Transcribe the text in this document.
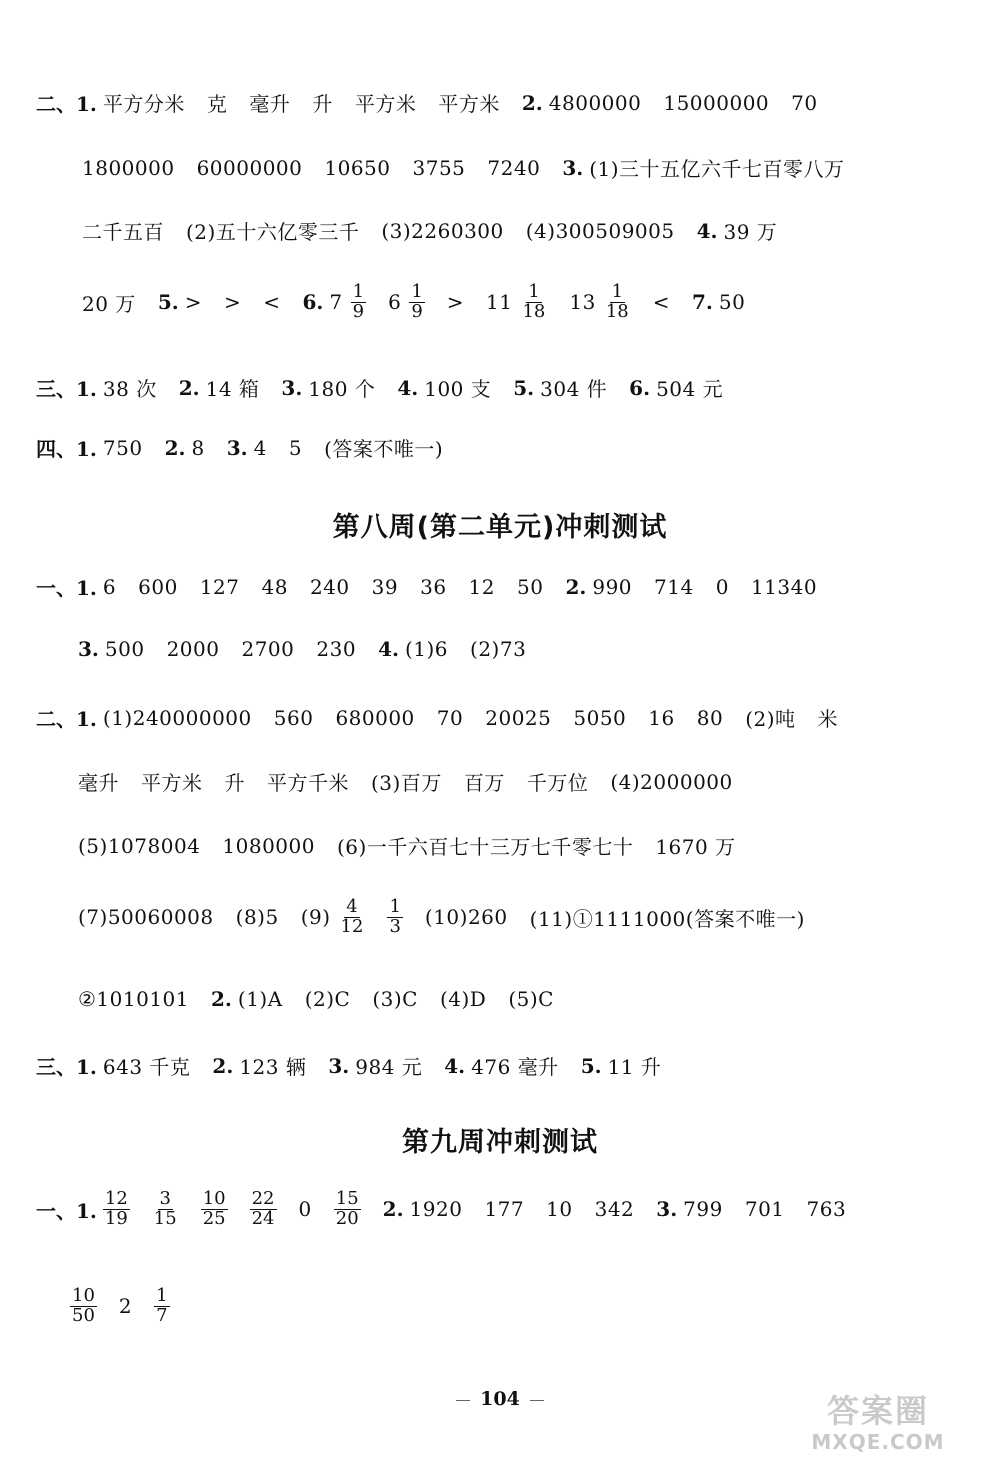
二、1. 平方分米 克 毫升 升 平方米 平方米 2. 4800000 15000000 70
1800000 60000000 10650 3755 7240 3. (1)三十五亿六千七百零八万
二千五百 (2)五十六亿零三千 (3)2260300 (4)300509005 4. 39 万
20 万 5. > > < 6. $7 \frac{1}{9} 6 \frac{1}{9} > 11 \frac{1}{18} 13 \frac{1}{18} < 7$. 50
三、1. 38 次 2. 14 箱 3. 180 个 4. 100 支 5. 304 件 6. 504 元
四、1. 750 2. 8 3. 4 5 (答案不唯一)
第八周(第二单元)冲刺测试
一、1. 6 600 127 48 240 39 36 12 50 2. 990 714 0 11340
3. 500 2000 2700 230 4. (1)6 (2)73
二、1. (1)240000000 560 680000 70 20025 5050 16 80 (2)吨 米
毫升 平方米 升 平方千米 (3)百万 百万 千万位 (4)2000000
(5)1078004 1080000 (6)一千六百七十三万七千零七十 1670 万
(7)50060008 (8)5 $(9) \frac{4}{12} \frac{1}{3} (10)260$ (11)①1111000(答案不唯一)
②1010101 2. (1)A (2)C (3)C (4)D (5)C
三、1. 643 千克 2. 123 辆 3. 984 元 4. 476 毫升 5. 11 升
第九周冲刺测试
一、1. $\frac{12}{19} \frac{3}{15} \frac{10}{25} \frac{22}{24} 0 \frac{15}{20} 2$. 1920 177 10 342 3. 799 701 763
$\frac{10}{50} 2 \frac{1}{7}$
104	答案圈
MXQE.COM
